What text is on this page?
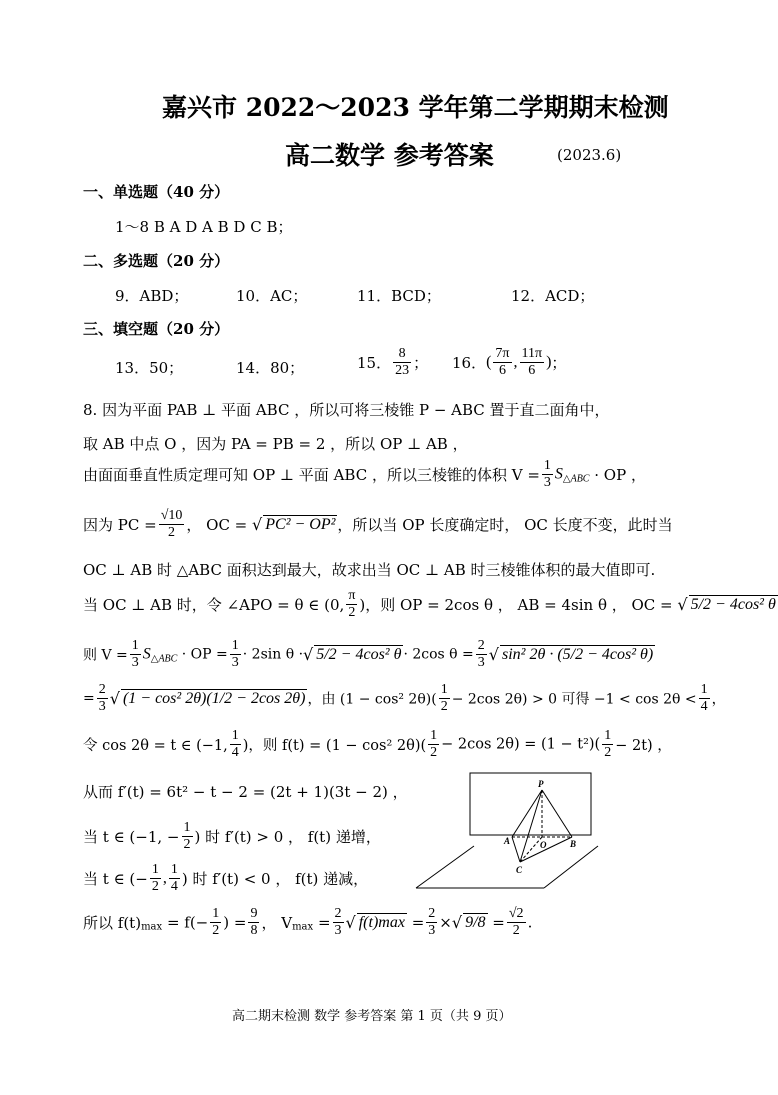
嘉兴市 2022～2023 学年第二学期期末检测
高二数学 参考答案	(2023.6)
一、单选题（40 分）
1～8 B A D A B D C B；
二、多选题（20 分）
9．ABD；	10．AC；	11．BCD；	12．ACD；
三、填空题（20 分）
13．50；	14．80；	15． $\frac{8}{23}$ ； 16．( $\frac{7\pi}{6}$ , $\frac{11\pi}{6}$ )；
8. 因为平面 PAB ⊥ 平面 ABC ，所以可将三棱锥 P − ABC 置于直二面角中，
取 AB 中点 O ，因为 PA = PB = 2 ，所以 OP ⊥ AB ，
由面面垂直性质定理可知 OP ⊥ 平面 ABC ，所以三棱锥的体积 $V = \frac{1}{3} S_{\triangle ABC}$ · OP ，
因为 PC = $\frac{√10}{2}$ ， OC = √ PC² − OP² ，所以当 OP 长度确定时， OC 长度不变，此时当
OC ⊥ AB 时 △ABC 面积达到最大，故求出当 OC ⊥ AB 时三棱锥体积的最大值即可.
当 OC ⊥ AB 时，令 ∠APO = θ ∈ (0, $\frac{\pi}{2}$ )，则 OP = 2cos θ ， AB = 4sin θ ， OC = √ 5/2 − 4cos² θ
则 $V = \frac{1}{3} S_{\triangle ABC}$ · OP = $\frac{1}{3} \cdot 2\sin$ θ ·√ 5/2 − 4cos² θ · 2cos $\theta = \frac{2}{3}$ √ sin² 2θ · (5/2 − 4cos² θ)
= $\frac{2}{3}$ √ (1 − cos² 2θ)(1/2 − 2cos 2θ) ，由 (1 − cos² $2\theta)( \frac{1}{2} - 2\cos$ 2θ) > 0 可得 $-1 < \cos 2\theta < \frac{1}{4}$ ，
令 cos 2θ = t ∈ (−1, $\frac{1}{4}$ )，则 f(t) = (1 − cos² $2\theta)( \frac{1}{2} - 2\cos$ $2\theta) = (1 - t^2)( \frac{1}{2} - 2t)$ ，
从而 f′(t) = 6t² − t − 2 = (2t + 1)(3t − 2) ，
当 t ∈ (−1, − $\frac{1}{2}$ ) 时 f′(t) > 0 ， f(t) 递增，
当 t ∈ (− $\frac{1}{2}$ , $\frac{1}{4}$ ) 时 f′(t) < 0 ， f(t) 递减，
所以 $f(t)_{max} = f(- \frac{1}{2}$ ) = $\frac{9}{8}$ ， $V_{max} = \frac{2}{3}$ √ $f(t)\max = \frac{2}{3}$ ×√ $9/8 = \frac{√2}{2}$ .
P
A	O	B
C
高二期末检测 数学 参考答案 第 1 页（共 9 页）
